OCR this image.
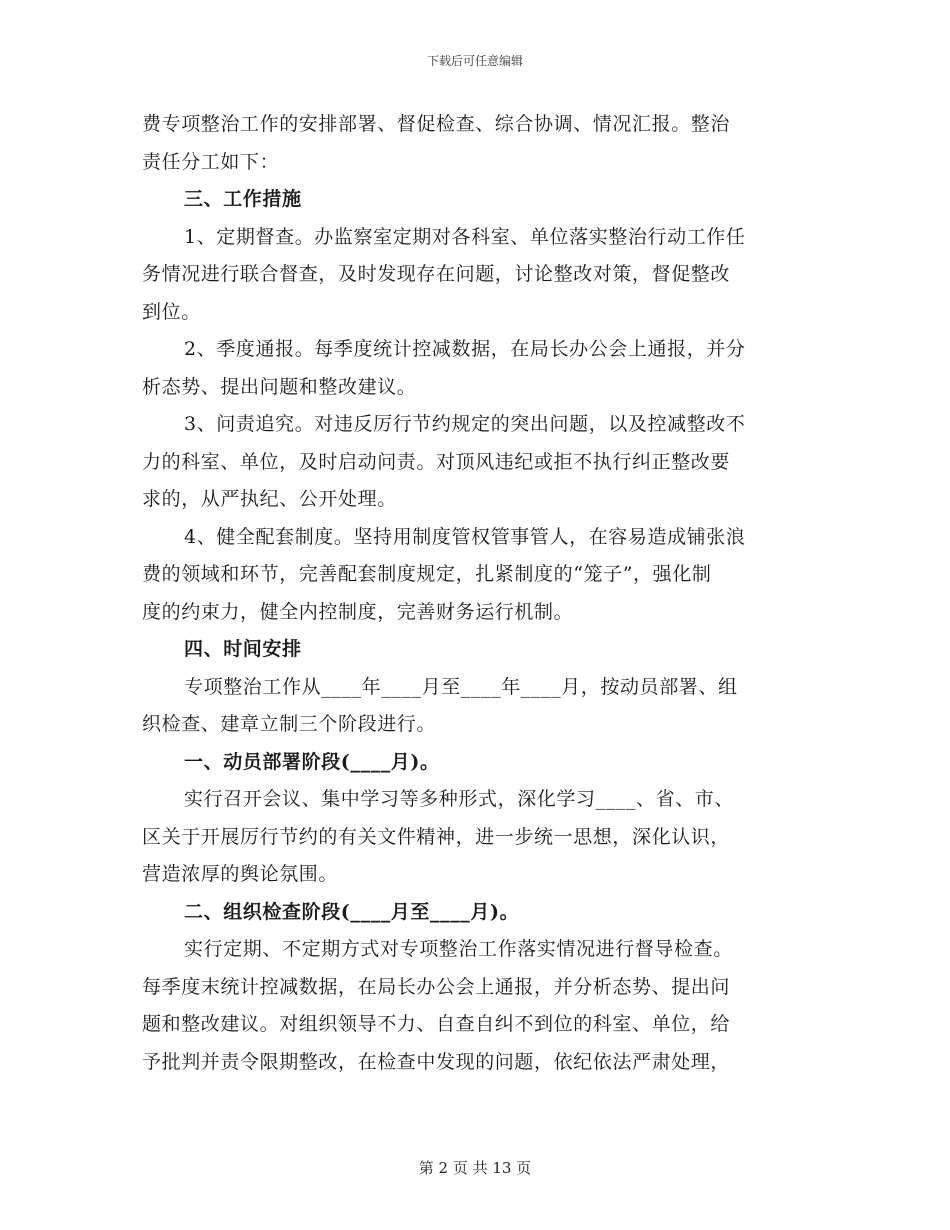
下载后可任意编辑

费专项整治工作的安排部署、督促检查、综合协调、情况汇报。整治

责任分工如下：

三、工作措施

1、定期督查。办监察室定期对各科室、单位落实整治行动工作任

务情况进行联合督查，及时发现存在问题，讨论整改对策，督促整改

到位。

2、季度通报。每季度统计控减数据，在局长办公会上通报，并分

析态势、提出问题和整改建议。

3、问责追究。对违反厉行节约规定的突出问题，以及控减整改不

力的科室、单位，及时启动问责。对顶风违纪或拒不执行纠正整改要

求的，从严执纪、公开处理。

4、健全配套制度。坚持用制度管权管事管人，在容易造成铺张浪

费的领域和环节，完善配套制度规定，扎紧制度的“笼子”，强化制

度的约束力，健全内控制度，完善财务运行机制。

四、时间安排

专项整治工作从____年____月至____年____月，按动员部署、组

织检查、建章立制三个阶段进行。

一、动员部署阶段(____月)。

实行召开会议、集中学习等多种形式，深化学习____、省、市、

区关于开展厉行节约的有关文件精神，进一步统一思想，深化认识，

营造浓厚的舆论氛围。

二、组织检查阶段(____月至____月)。

实行定期、不定期方式对专项整治工作落实情况进行督导检查。

每季度末统计控减数据，在局长办公会上通报，并分析态势、提出问

题和整改建议。对组织领导不力、自查自纠不到位的科室、单位，给

予批判并责令限期整改，在检查中发现的问题，依纪依法严肃处理，

第 2 页 共 13 页
